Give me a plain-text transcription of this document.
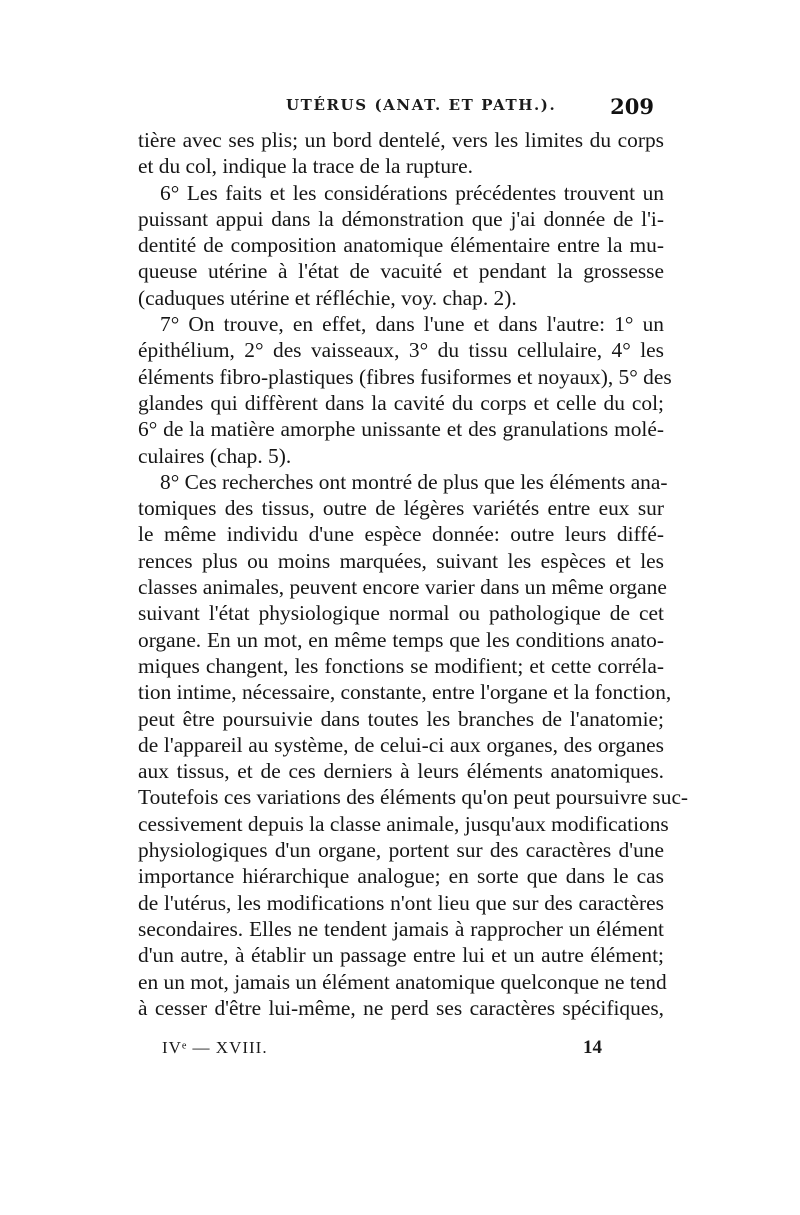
UTÉRUS (ANAT. ET PATH.).	209
tière avec ses plis; un bord dentelé, vers les limites du corps
et du col, indique la trace de la rupture.
6° Les faits et les considérations précédentes trouvent un
puissant appui dans la démonstration que j'ai donnée de l'i-
dentité de composition anatomique élémentaire entre la mu-
queuse utérine à l'état de vacuité et pendant la grossesse
(caduques utérine et réfléchie, voy. chap. 2).
7° On trouve, en effet, dans l'une et dans l'autre: 1° un
épithélium, 2° des vaisseaux, 3° du tissu cellulaire, 4° les
éléments fibro-plastiques (fibres fusiformes et noyaux), 5° des
glandes qui diffèrent dans la cavité du corps et celle du col;
6° de la matière amorphe unissante et des granulations molé-
culaires (chap. 5).
8° Ces recherches ont montré de plus que les éléments ana-
tomiques des tissus, outre de légères variétés entre eux sur
le même individu d'une espèce donnée: outre leurs diffé-
rences plus ou moins marquées, suivant les espèces et les
classes animales, peuvent encore varier dans un même organe
suivant l'état physiologique normal ou pathologique de cet
organe. En un mot, en même temps que les conditions anato-
miques changent, les fonctions se modifient; et cette corréla-
tion intime, nécessaire, constante, entre l'organe et la fonction,
peut être poursuivie dans toutes les branches de l'anatomie;
de l'appareil au système, de celui-ci aux organes, des organes
aux tissus, et de ces derniers à leurs éléments anatomiques.
Toutefois ces variations des éléments qu'on peut poursuivre suc-
cessivement depuis la classe animale, jusqu'aux modifications
physiologiques d'un organe, portent sur des caractères d'une
importance hiérarchique analogue; en sorte que dans le cas
de l'utérus, les modifications n'ont lieu que sur des caractères
secondaires. Elles ne tendent jamais à rapprocher un élément
d'un autre, à établir un passage entre lui et un autre élément;
en un mot, jamais un élément anatomique quelconque ne tend
à cesser d'être lui-même, ne perd ses caractères spécifiques,
IVᵉ — XVIII.	14
